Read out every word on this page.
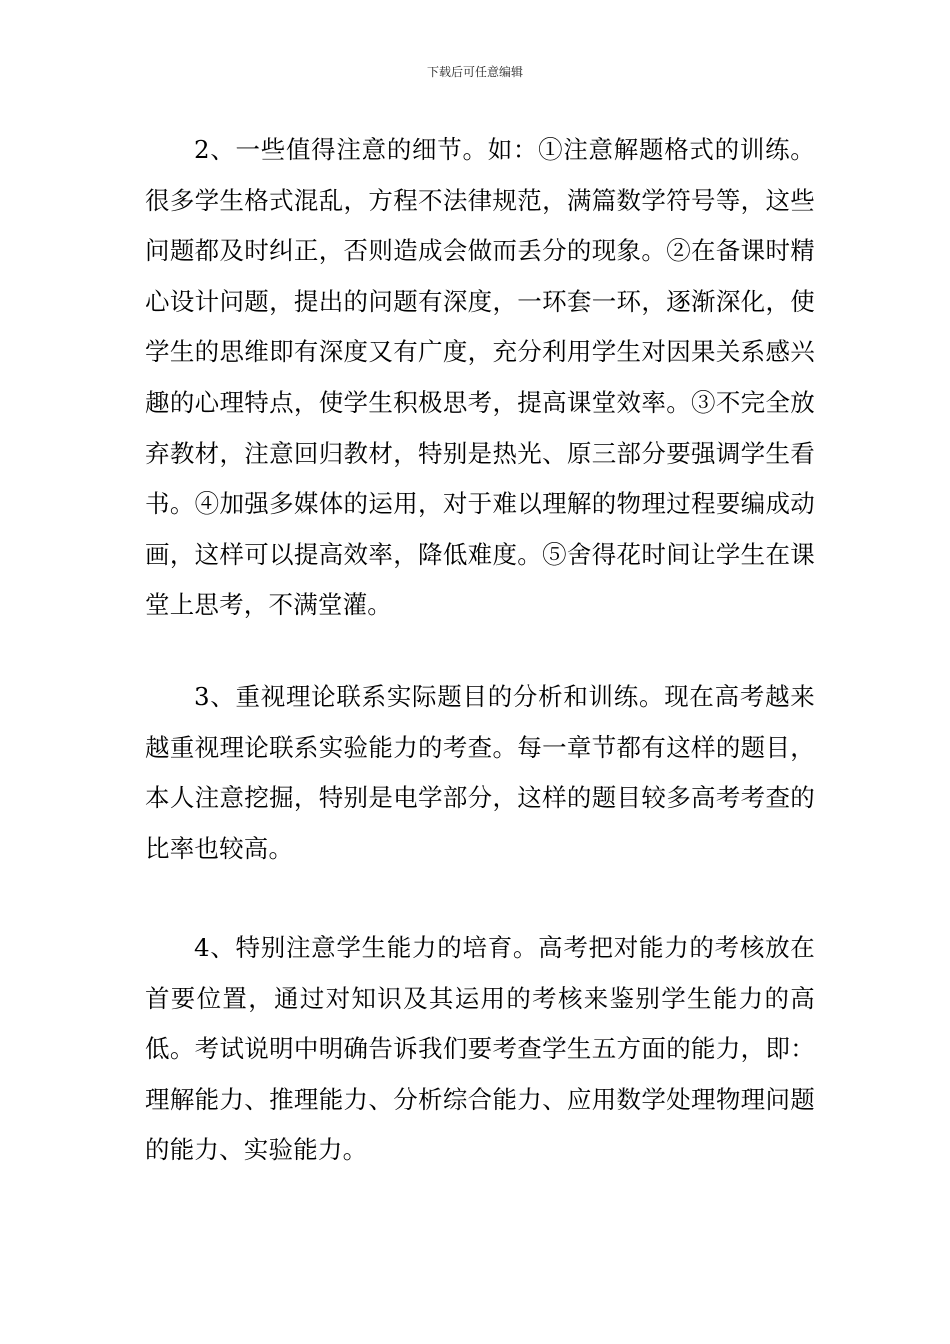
下载后可任意编辑

2、一些值得注意的细节。如：①注意解题格式的训练。很多学生格式混乱，方程不法律规范，满篇数学符号等，这些问题都及时纠正，否则造成会做而丢分的现象。②在备课时精心设计问题，提出的问题有深度，一环套一环，逐渐深化，使学生的思维即有深度又有广度，充分利用学生对因果关系感兴趣的心理特点，使学生积极思考，提高课堂效率。③不完全放弃教材，注意回归教材，特别是热光、原三部分要强调学生看书。④加强多媒体的运用，对于难以理解的物理过程要编成动画，这样可以提高效率，降低难度。⑤舍得花时间让学生在课堂上思考，不满堂灌。

3、重视理论联系实际题目的分析和训练。现在高考越来越重视理论联系实验能力的考查。每一章节都有这样的题目，本人注意挖掘，特别是电学部分，这样的题目较多高考考查的比率也较高。

4、特别注意学生能力的培育。高考把对能力的考核放在首要位置，通过对知识及其运用的考核来鉴别学生能力的高低。考试说明中明确告诉我们要考查学生五方面的能力，即：理解能力、推理能力、分析综合能力、应用数学处理物理问题的能力、实验能力。
